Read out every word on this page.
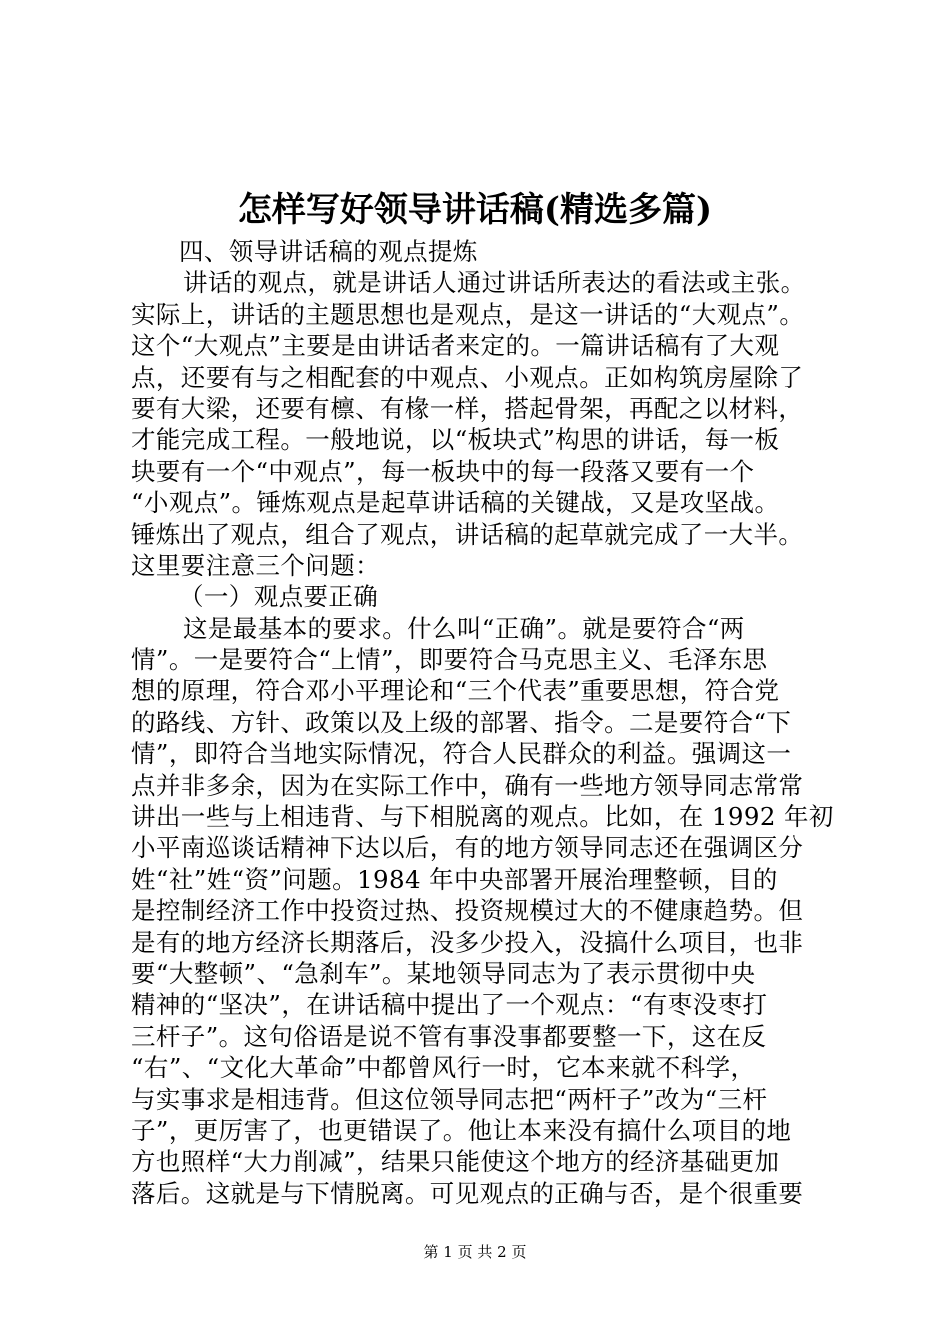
怎样写好领导讲话稿(精选多篇)
四、领导讲话稿的观点提炼
讲话的观点，就是讲话人通过讲话所表达的看法或主张。
实际上，讲话的主题思想也是观点，是这一讲话的“大观点”。
这个“大观点”主要是由讲话者来定的。一篇讲话稿有了大观
点，还要有与之相配套的中观点、小观点。正如构筑房屋除了
要有大梁，还要有檩、有椽一样，搭起骨架，再配之以材料，
才能完成工程。一般地说，以“板块式”构思的讲话，每一板
块要有一个“中观点”，每一板块中的每一段落又要有一个
“小观点”。锤炼观点是起草讲话稿的关键战，又是攻坚战。
锤炼出了观点，组合了观点，讲话稿的起草就完成了一大半。
这里要注意三个问题：
（一）观点要正确
这是最基本的要求。什么叫“正确”。就是要符合“两
情”。一是要符合“上情”，即要符合马克思主义、毛泽东思
想的原理，符合邓小平理论和“三个代表”重要思想，符合党
的路线、方针、政策以及上级的部署、指令。二是要符合“下
情”，即符合当地实际情况，符合人民群众的利益。强调这一
点并非多余，因为在实际工作中，确有一些地方领导同志常常
讲出一些与上相违背、与下相脱离的观点。比如，在 1992 年初
小平南巡谈话精神下达以后，有的地方领导同志还在强调区分
姓“社”姓“资”问题。1984 年中央部署开展治理整顿，目的
是控制经济工作中投资过热、投资规模过大的不健康趋势。但
是有的地方经济长期落后，没多少投入，没搞什么项目，也非
要“大整顿”、“急刹车”。某地领导同志为了表示贯彻中央
精神的“坚决”，在讲话稿中提出了一个观点：“有枣没枣打
三杆子”。这句俗语是说不管有事没事都要整一下，这在反
“右”、“文化大革命”中都曾风行一时，它本来就不科学，
与实事求是相违背。但这位领导同志把“两杆子”改为“三杆
子”，更厉害了，也更错误了。他让本来没有搞什么项目的地
方也照样“大力削减”，结果只能使这个地方的经济基础更加
落后。这就是与下情脱离。可见观点的正确与否，是个很重要
第 1 页 共 2 页
